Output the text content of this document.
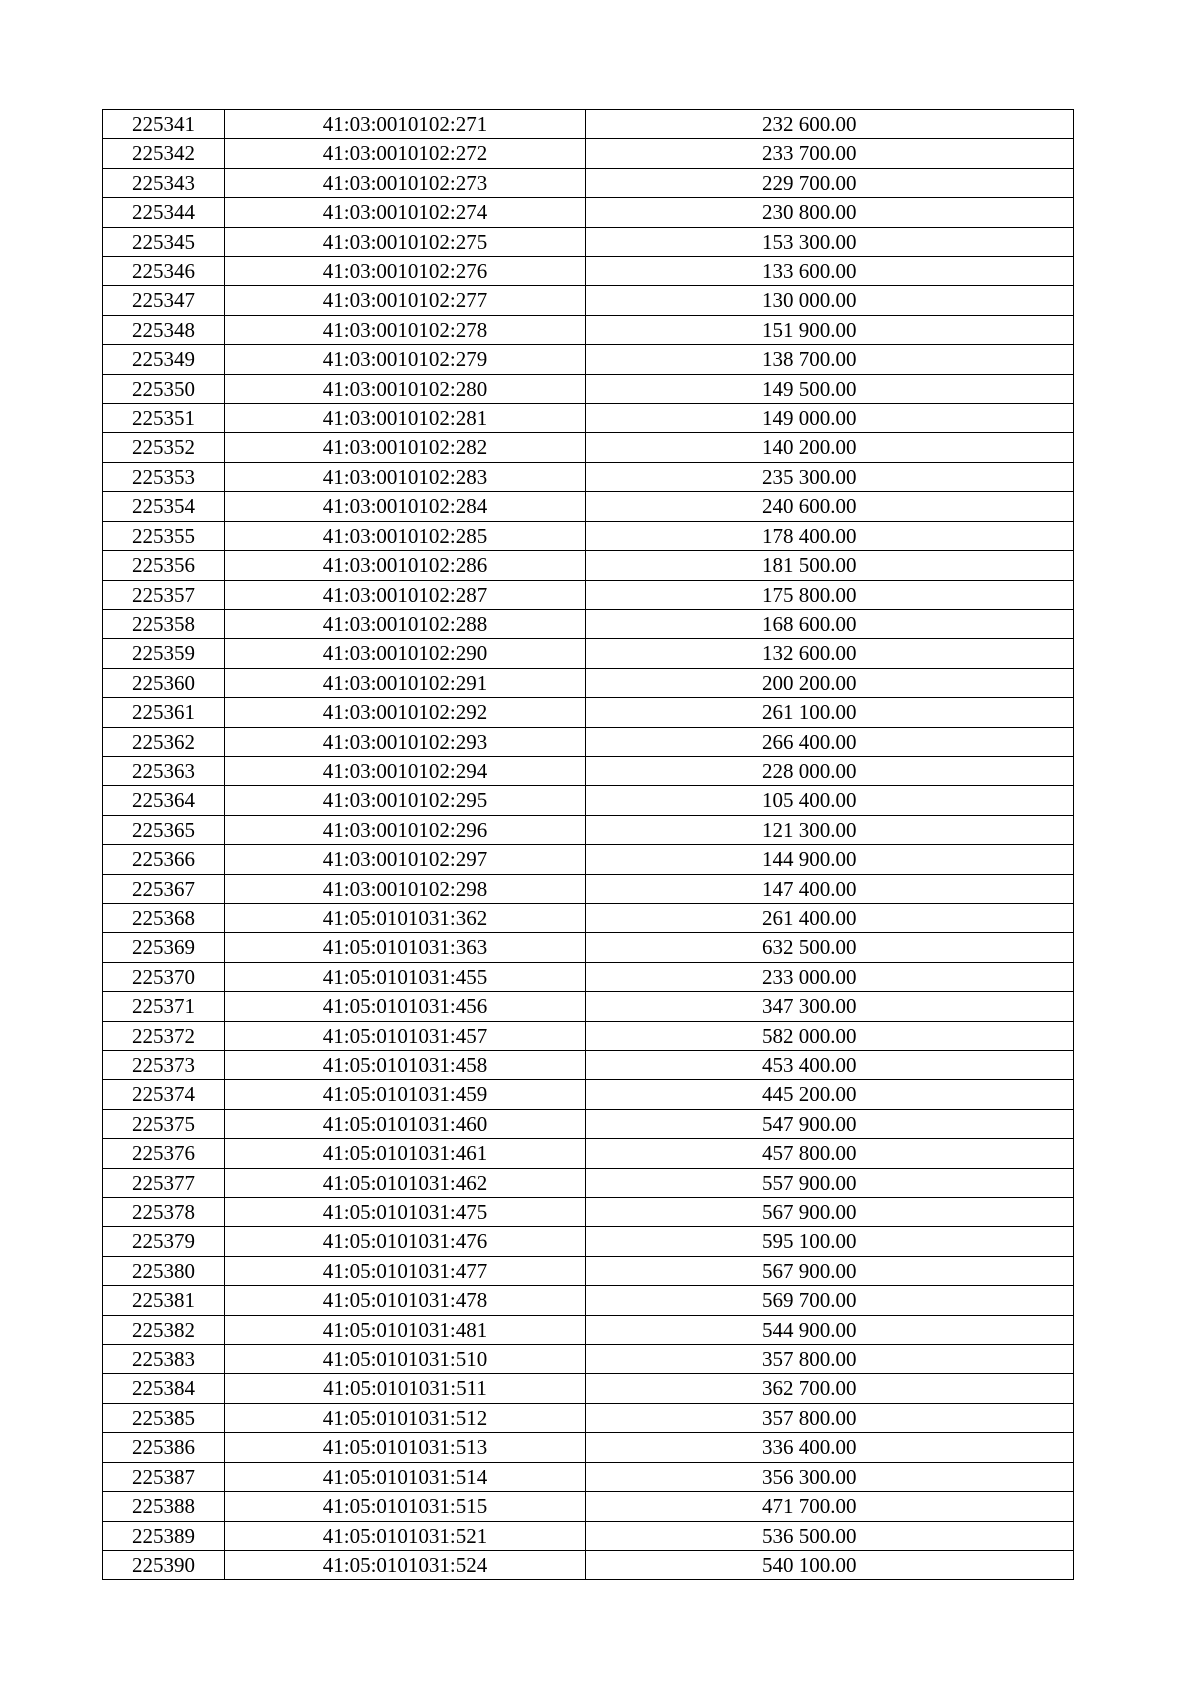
225341	41:03:0010102:271	232 600.00
225342	41:03:0010102:272	233 700.00
225343	41:03:0010102:273	229 700.00
225344	41:03:0010102:274	230 800.00
225345	41:03:0010102:275	153 300.00
225346	41:03:0010102:276	133 600.00
225347	41:03:0010102:277	130 000.00
225348	41:03:0010102:278	151 900.00
225349	41:03:0010102:279	138 700.00
225350	41:03:0010102:280	149 500.00
225351	41:03:0010102:281	149 000.00
225352	41:03:0010102:282	140 200.00
225353	41:03:0010102:283	235 300.00
225354	41:03:0010102:284	240 600.00
225355	41:03:0010102:285	178 400.00
225356	41:03:0010102:286	181 500.00
225357	41:03:0010102:287	175 800.00
225358	41:03:0010102:288	168 600.00
225359	41:03:0010102:290	132 600.00
225360	41:03:0010102:291	200 200.00
225361	41:03:0010102:292	261 100.00
225362	41:03:0010102:293	266 400.00
225363	41:03:0010102:294	228 000.00
225364	41:03:0010102:295	105 400.00
225365	41:03:0010102:296	121 300.00
225366	41:03:0010102:297	144 900.00
225367	41:03:0010102:298	147 400.00
225368	41:05:0101031:362	261 400.00
225369	41:05:0101031:363	632 500.00
225370	41:05:0101031:455	233 000.00
225371	41:05:0101031:456	347 300.00
225372	41:05:0101031:457	582 000.00
225373	41:05:0101031:458	453 400.00
225374	41:05:0101031:459	445 200.00
225375	41:05:0101031:460	547 900.00
225376	41:05:0101031:461	457 800.00
225377	41:05:0101031:462	557 900.00
225378	41:05:0101031:475	567 900.00
225379	41:05:0101031:476	595 100.00
225380	41:05:0101031:477	567 900.00
225381	41:05:0101031:478	569 700.00
225382	41:05:0101031:481	544 900.00
225383	41:05:0101031:510	357 800.00
225384	41:05:0101031:511	362 700.00
225385	41:05:0101031:512	357 800.00
225386	41:05:0101031:513	336 400.00
225387	41:05:0101031:514	356 300.00
225388	41:05:0101031:515	471 700.00
225389	41:05:0101031:521	536 500.00
225390	41:05:0101031:524	540 100.00
